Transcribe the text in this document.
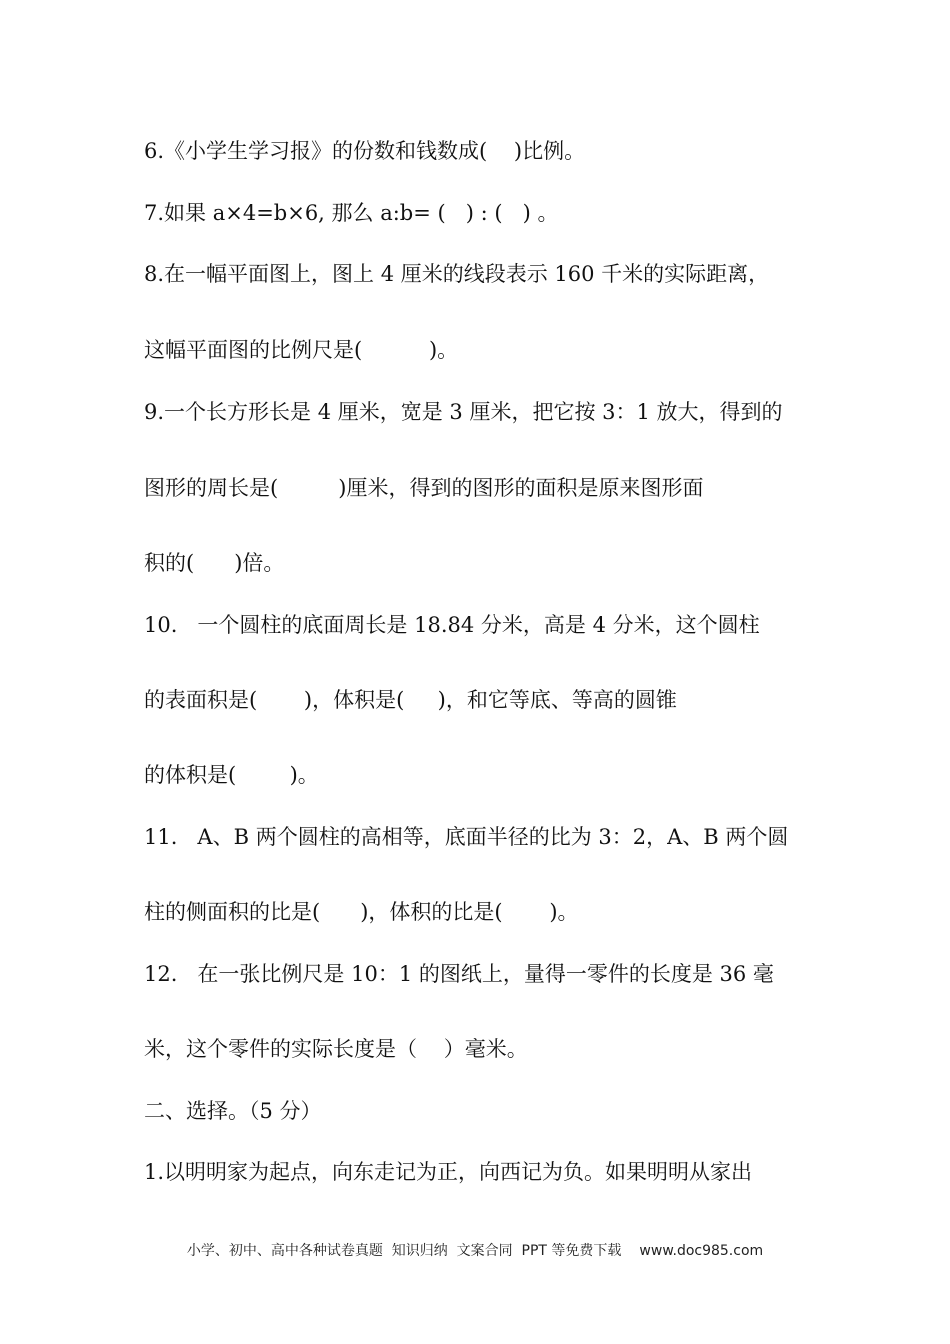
6.《小学生学习报》的份数和钱数成(    )比例。
7.如果 a×4=b×6, 那么 a:b= (   ) : (   ) 。
8.在一幅平面图上，图上 4 厘米的线段表示 160 千米的实际距离，
这幅平面图的比例尺是(          )。
9.一个长方形长是 4 厘米，宽是 3 厘米，把它按 3：1 放大，得到的
图形的周长是(         )厘米，得到的图形的面积是原来图形面
积的(      )倍。
10.   一个圆柱的底面周长是 18.84 分米，高是 4 分米，这个圆柱
的表面积是(       )，体积是(     )，和它等底、等高的圆锥
的体积是(        )。
11.   A、B 两个圆柱的高相等，底面半径的比为 3：2，A、B 两个圆
柱的侧面积的比是(      )，体积的比是(       )。
12.   在一张比例尺是 10：1 的图纸上，量得一零件的长度是 36 毫
米，这个零件的实际长度是（    ）毫米。
二、选择。（5 分）
1.以明明家为起点，向东走记为正，向西记为负。如果明明从家出
小学、初中、高中各种试卷真题  知识归纳  文案合同  PPT 等免费下载 www.doc985.com
